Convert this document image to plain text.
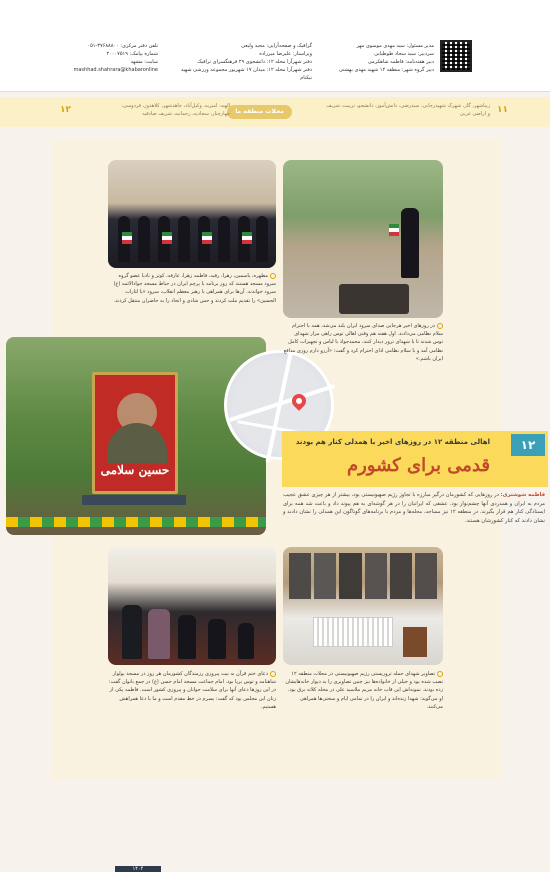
مدیر مسئول: سید مهدی موسوی مهر
سردبیر: سید سجاد طوطیایی
دبیر هفته‌نامه: فاطمه شاهکرمی
دبیر گروه شهر: منطقه ۱۲ شهید مهدی بهشتی
گرافیک و صفحه‌آرایی: مجید ولیعی
ویراستار: علیرضا میرزاده
دفتر شهرآرا محله ۱۲: دانشجوی ۲۹ فرهنگسرای ترافیک
دفتر شهرآرا محله ۱۲: میدان ۱۷ شهریور مجموعه ورزشی شهید نیکنام
تلفن دفتر مرکزی: ۳۷۶۸۸۸۰۰-۰۵۱
شماره پیامک: ۲۰۰۰۷۵۱۹
سایت: مشهد
mashhad.shahrara@khabaronline
۱۱
زیبا‌شهر، گاز، شهرک شهیدرجایی، سیدرضی، دانش‌آموز، دانشجو، تربیت، شریف و اراضی غربی
محلات منطقه ما
الهیه، امیریه، وکیل‌آباد، جاهدشهر، کلاهدوز، فردوسی، چهارچنار، سجادیه، رحمانیه، شریف صادقیه
۱۲
حسین سلامی
۱۴۰۴
۱۲
اهالی منطقه ۱۲ در روزهای اخیر با همدلی کنار هم بودند
قدمی برای کشورم
فاطمه شوشتری: در روزهایی که کشورمان درگیر مبارزه با تجاوز رژیم صهیونیستی بود، بیشتر از هر چیزی عشق عجیب مردم به ایران و همدردی آنها چشم‌نواز بود. عشقی که ایرانیان را در هر گوشه‌ای به هم پیوند داد و باعث شد همه برای ایستادگی کنار هم قرار بگیرند. در منطقه ۱۲ نیز مساجد، محله‌ها و مردم با برنامه‌های گوناگون این همدلی را نشان دادند و نشان دادند که کنار کشورشان هستند.
مطهره، یاسمین، زهرا، رقیه، فاطمه زهرا، عارفه، کوثر و نادیا عضو گروه سرود مسجد هستند که روز برنامه با پرچم ایران در حیاط مسجد جوادالائمه (ع) سرود خواندند. آن‌ها برای همراهی با رهبر معظم انقلاب، سرود «یا لثارات الحسین» را تقدیم ملت کردند و حس شادی و اتحاد را به حاضران منتقل کردند.
در روزهای اخیر هرجایی صدای سرود ایران بلند می‌شد، همه با احترام سلام نظامی می‌دادند. اول هفته هم وقتی اهالی توس راهی مزار شهدای توس شدند تا با شهدای ترور دیدار کنند، محمدجواد با لباس و تجهیزات کامل نظامی آمد و با سلام نظامی ادای احترام کرد و گفت: «آرزو دارم روزی مدافع ایران باشم.»
دعای ختم قرآن به نیت پیروزی رزمندگان کشورمان هر روز در مسجد بولوار شاهنامه و توس برپا بود. امام جماعت مسجد امام حسن (ع) در جمع بانوان گفت: در این روزها دعای آنها برای سلامت جوانان و پیروزی کشور است. فاطمه یکی از زنان این مجلس بود که گفت: پسرم در خط مقدم است و ما با دعا همراهش هستیم.
تصاویر شهدای حمله تروریستی رژیم صهیونیستی در محلات منطقه ۱۲ نصب شده بود و خیلی از خانواده‌ها نیز چنین تصاویری را به دیوار خانه‌هایشان زده بودند. نمونه‌اش این قاب خانه مریم ملاسید علی در محله کلاته برق بود. او می‌گوید: شهدا زنده‌اند و ایران را در تمامی ایام و سختی‌ها همراهی می‌کنند.
